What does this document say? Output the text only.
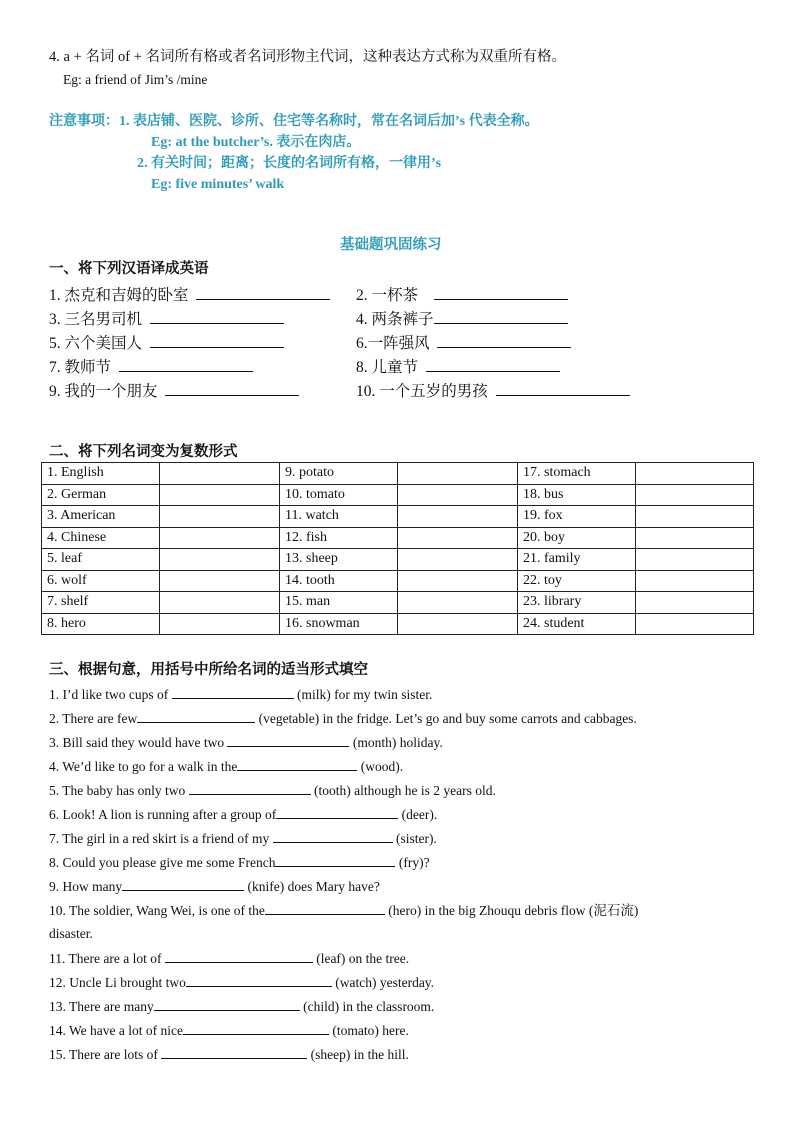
4. a + 名词 of + 名词所有格或者名词形物主代词，这种表达方式称为双重所有格。
Eg: a friend of Jim’s /mine
注意事项：1. 表店铺、医院、诊所、住宅等名称时，常在名词后加’s 代表全称。
Eg: at the butcher’s. 表示在肉店。
2. 有关时间；距离；长度的名词所有格，一律用’s
Eg: five minutes’ walk
基础题巩固练习
一、将下列汉语译成英语
1. 杰克和吉姆的卧室	2. 一杯茶
3. 三名男司机	4. 两条裤子
5. 六个美国人	6.一阵强风
7. 教师节	8. 儿童节
9. 我的一个朋友	10. 一个五岁的男孩
二、将下列名词变为复数形式
1. English		9. potato		17. stomach	
2. German		10. tomato		18. bus	
3. American		11. watch		19. fox	
4. Chinese		12. fish		20. boy	
5. leaf		13. sheep		21. family	
6. wolf		14. tooth		22. toy	
7. shelf		15. man		23. library	
8. hero		16. snowman		24. student	
三、根据句意，用括号中所给名词的适当形式填空
1. I’d like two cups of	(milk) for my twin sister.
2. There are few	(vegetable) in the fridge. Let’s go and buy some carrots and cabbages.
3. Bill said they would have two	(month) holiday.
4. We’d like to go for a walk in the	(wood).
5. The baby has only two	(tooth) although he is 2 years old.
6. Look! A lion is running after a group of	(deer).
7. The girl in a red skirt is a friend of my	(sister).
8. Could you please give me some French	(fry)?
9. How many	(knife) does Mary have?
10. The soldier, Wang Wei, is one of the	(hero) in the big Zhouqu debris flow (泥石流)
disaster.
11. There are a lot of	(leaf) on the tree.
12. Uncle Li brought two	(watch) yesterday.
13. There are many	(child) in the classroom.
14. We have a lot of nice	(tomato) here.
15. There are lots of	(sheep) in the hill.
